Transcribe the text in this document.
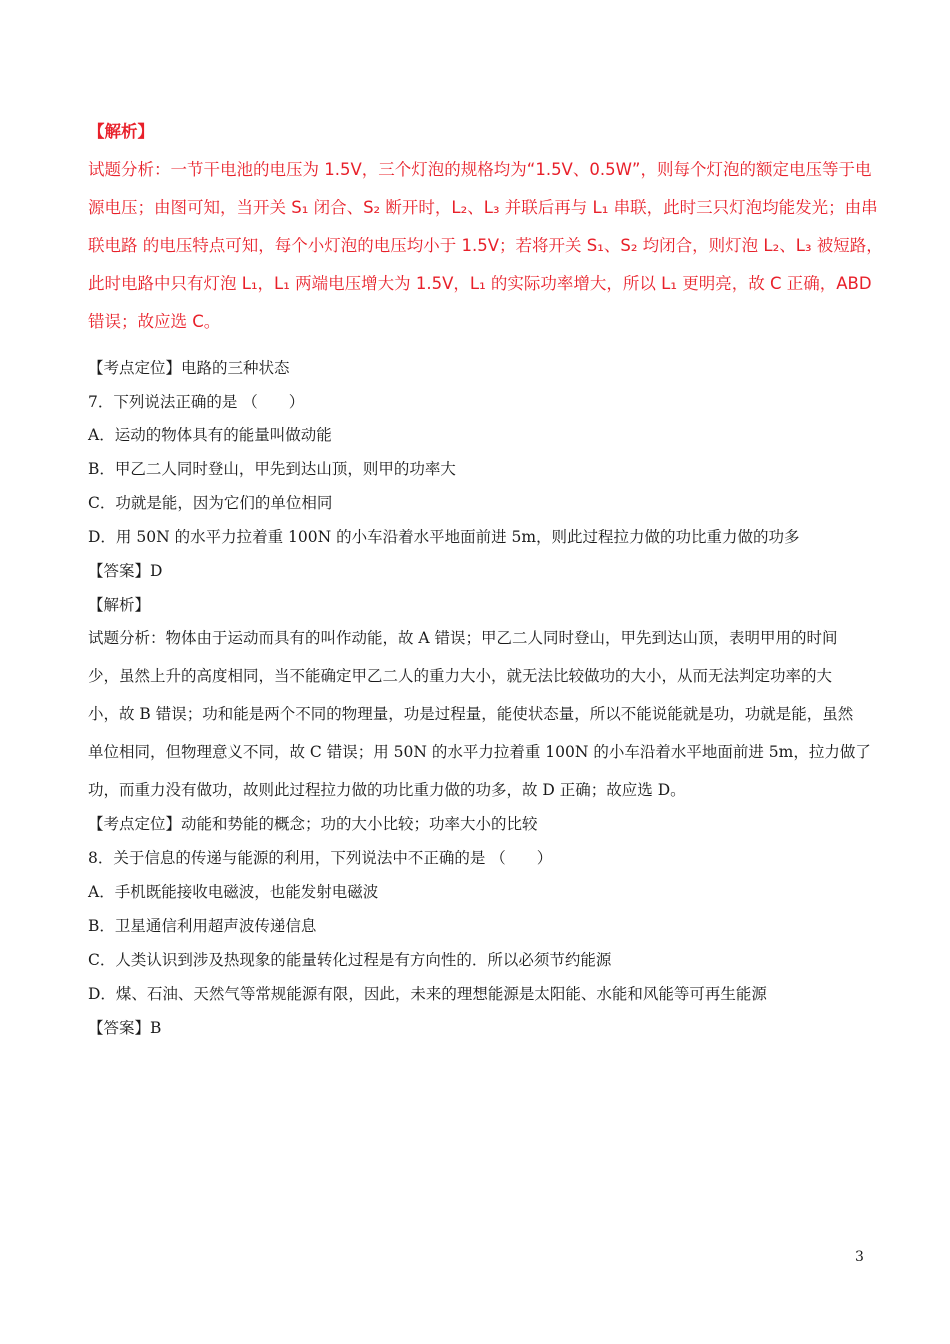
【解析】
试题分析：一节干电池的电压为 1.5V，三个灯泡的规格均为“1.5V、0.5W”，则每个灯泡的额定电压等于电
源电压；由图可知，当开关 S₁ 闭合、S₂ 断开时，L₂、L₃ 并联后再与 L₁ 串联，此时三只灯泡均能发光；由串
联电路 的电压特点可知，每个小灯泡的电压均小于 1.5V；若将开关 S₁、S₂ 均闭合，则灯泡 L₂、L₃ 被短路，
此时电路中只有灯泡 L₁，L₁ 两端电压增大为 1.5V，L₁ 的实际功率增大，所以 L₁ 更明亮，故 C 正确，ABD
错误；故应选 C。
【考点定位】电路的三种状态
7．下列说法正确的是 （　　）
A．运动的物体具有的能量叫做动能
B．甲乙二人同时登山，甲先到达山顶，则甲的功率大
C．功就是能，因为它们的单位相同
D．用 50N 的水平力拉着重 100N 的小车沿着水平地面前进 5m，则此过程拉力做的功比重力做的功多
【答案】D
【解析】
试题分析：物体由于运动而具有的叫作动能，故 A 错误；甲乙二人同时登山，甲先到达山顶，表明甲用的时间
少，虽然上升的高度相同，当不能确定甲乙二人的重力大小，就无法比较做功的大小，从而无法判定功率的大
小，故 B 错误；功和能是两个不同的物理量，功是过程量，能使状态量，所以不能说能就是功，功就是能，虽然
单位相同，但物理意义不同，故 C 错误；用 50N 的水平力拉着重 100N 的小车沿着水平地面前进 5m，拉力做了
功，而重力没有做功，故则此过程拉力做的功比重力做的功多，故 D 正确；故应选 D。
【考点定位】动能和势能的概念；功的大小比较；功率大小的比较
8．关于信息的传递与能源的利用，下列说法中不正确的是 （　　）
A．手机既能接收电磁波，也能发射电磁波
B．卫星通信利用超声波传递信息
C．人类认识到涉及热现象的能量转化过程是有方向性的．所以必须节约能源
D．煤、石油、天然气等常规能源有限，因此，未来的理想能源是太阳能、水能和风能等可再生能源
【答案】B
3
